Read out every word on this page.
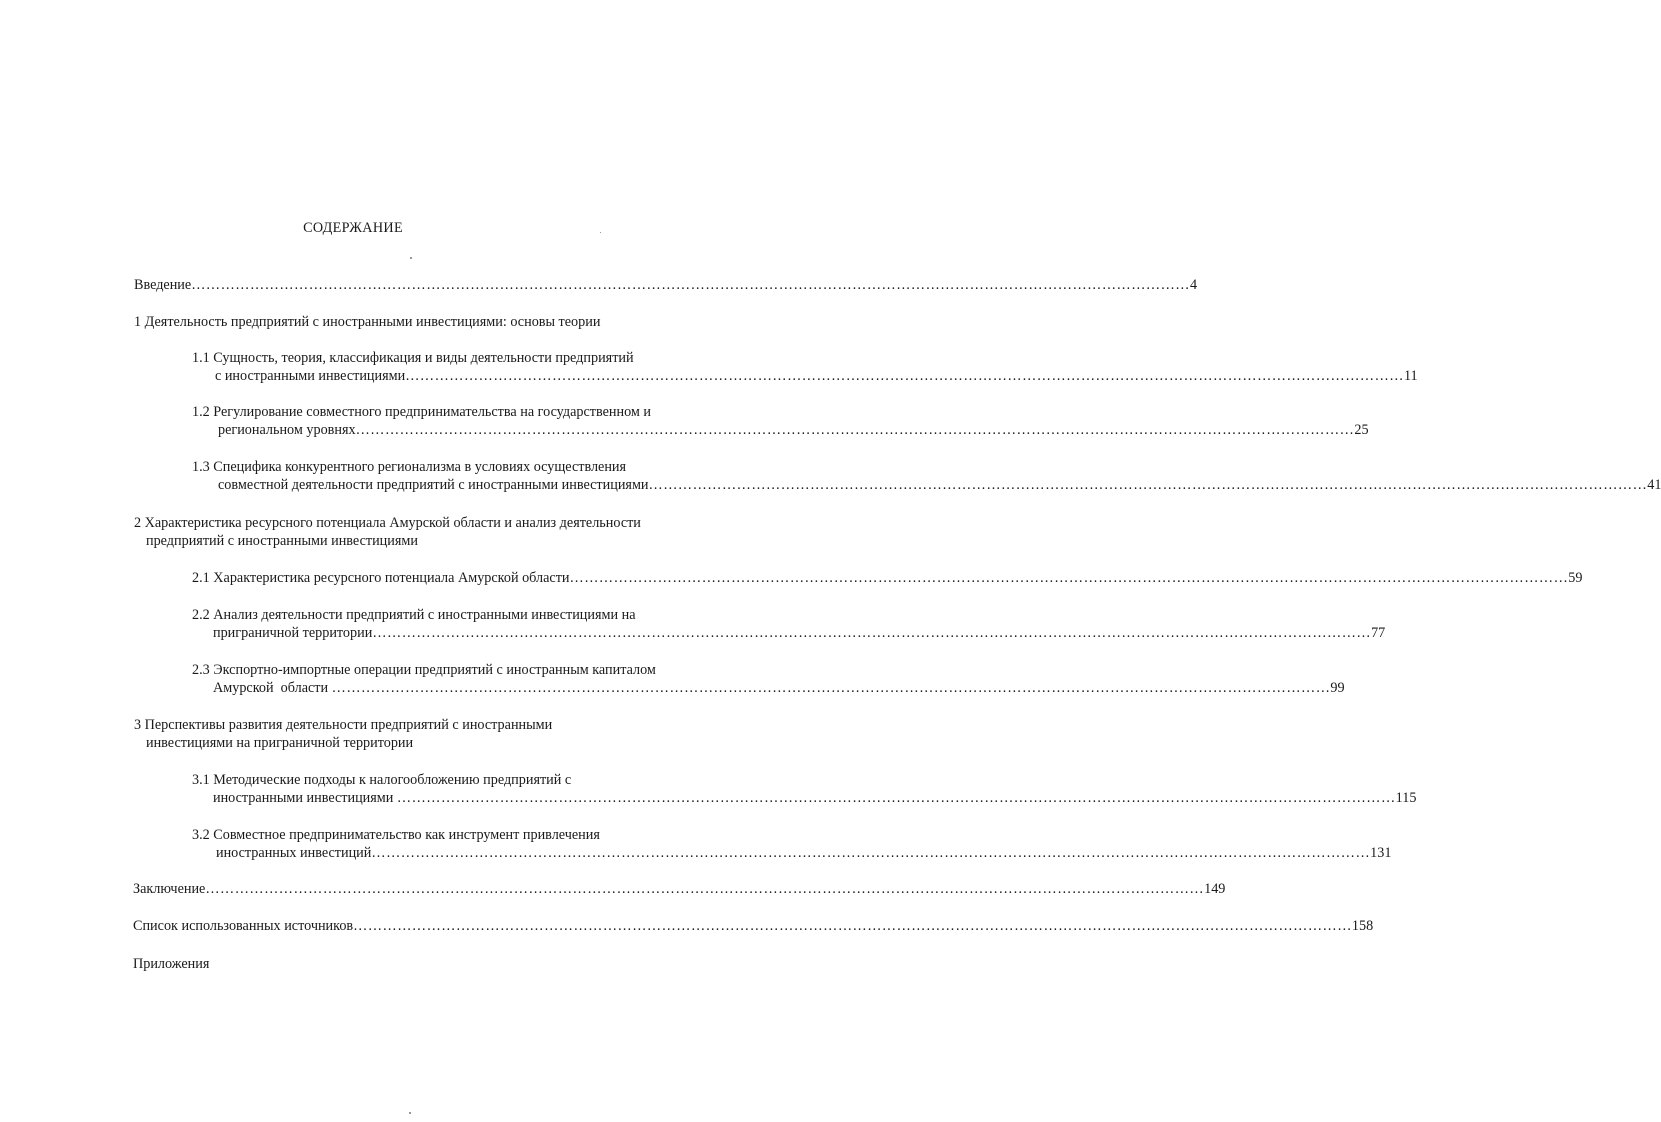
СОДЕРЖАНИЕ
Введение …………………………………………………………………………………………………………………………………………………………………………………… 4
1 Деятельность предприятий с иностранными инвестициями: основы теории
1.1 Сущность, теория, классификация и виды деятельности предприятий
с иностранными инвестициями …………………………………………………………………………………………………………………………………………………………………………………… 11
1.2 Регулирование совместного предпринимательства на государственном и
региональном уровнях …………………………………………………………………………………………………………………………………………………………………………………… 25
1.3 Специфика конкурентного регионализма в условиях осуществления
совместной деятельности предприятий с иностранными инвестициями …………………………………………………………………………………………………………………………………………………………………………………… 41
2 Характеристика ресурсного потенциала Амурской области и анализ деятельности
предприятий с иностранными инвестициями
2.1 Характеристика ресурсного потенциала Амурской области …………………………………………………………………………………………………………………………………………………………………………………… 59
2.2 Анализ деятельности предприятий с иностранными инвестициями на
приграничной территории …………………………………………………………………………………………………………………………………………………………………………………… 77
2.3 Экспортно-импортные операции предприятий с иностранным капиталом
Амурской  области …………………………………………………………………………………………………………………………………………………………………………………… 99
3 Перспективы развития деятельности предприятий с иностранными
инвестициями на приграничной территории
3.1 Методические подходы к налогообложению предприятий с
иностранными инвестициями …………………………………………………………………………………………………………………………………………………………………………………… 115
3.2 Совместное предпринимательство как инструмент привлечения
иностранных инвестиций …………………………………………………………………………………………………………………………………………………………………………………… 131
Заключение …………………………………………………………………………………………………………………………………………………………………………………… 149
Список использованных источников …………………………………………………………………………………………………………………………………………………………………………………… 158
Приложения
